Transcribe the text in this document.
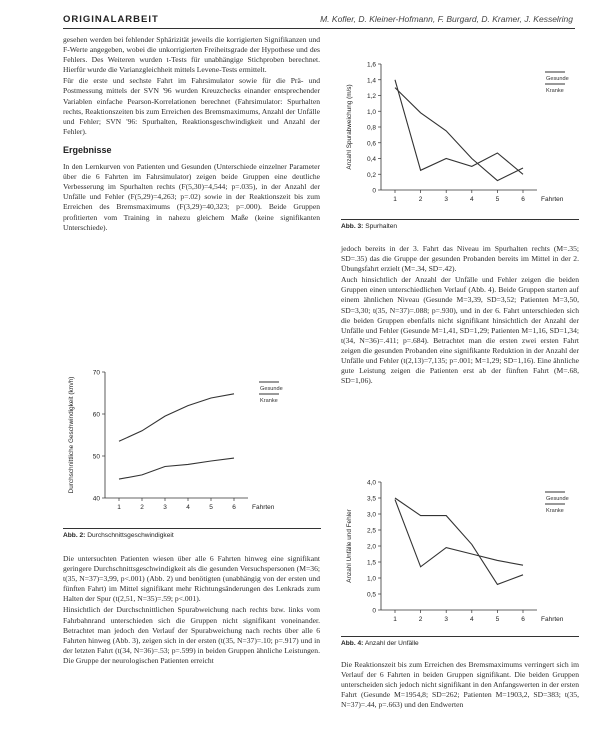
ORIGINALARBEIT	M. Kofler, D. Kleiner-Hofmann, F. Burgard, D. Kramer, J. Kesselring

gesehen werden bei fehlender Sphärizität jeweils die korrigierten Signifikanzen und F-Werte angegeben, wobei die unkorrigierten Freiheitsgrade der Hypothese und des Fehlers. Des Weiteren wurden t-Tests für unabhängige Stichproben berechnet. Hierfür wurde die Varianzgleichheit mittels Levene-Tests ermittelt.

Für die erste und sechste Fahrt im Fahrsimulator sowie für die Prä- und Postmessung mittels der SVN '96 wurden Kreuzchecks einander entsprechender Variablen einfache Pearson-Korrelationen berechnet (Fahrsimulator: Spurhalten rechts, Reaktionszeiten bis zum Erreichen des Bremsmaximums, Anzahl der Unfälle und Fehler; SVN '96: Spurhalten, Reaktionsgeschwindigkeit und Anzahl der Fehler).

Ergebnisse

In den Lernkurven von Patienten und Gesunden (Unterschiede einzelner Parameter über die 6 Fahrten im Fahrsimulator) zeigen beide Gruppen eine deutliche Verbesserung im Spurhalten rechts (F(5,30)=4,544; p=.035), in der Anzahl der Unfälle und Fehler (F(5,29)=4,263; p=.02) sowie in der Reaktionszeit bis zum Erreichen des Bremsmaximums (F(3,29)=40,323; p=.000). Beide Gruppen profitierten vom Training in nahezu gleichem Maße (keine signifikanten Unterschiede).

40
50
60
70
1	2	3	4	5	6 Fahrten
Durchschnittliche Geschwindigkeit (km/h)	Gesunde
Kranke
Abb. 2: Durchschnittsgeschwindigkeit

Die untersuchten Patienten wiesen über alle 6 Fahrten hinweg eine signifikant geringere Durchschnittsgeschwindigkeit als die gesunden Versuchspersonen (M=36; t(35, N=37)=3,99, p<.001) (Abb. 2) und benötigten (unabhängig von der ersten und fünften Fahrt) im Mittel signifikant mehr Richtungsänderungen des Lenkrads zum Halten der Spur (t(2,51, N=35)=.59; p<.001).

Hinsichtlich der Durchschnittlichen Spurabweichung nach rechts bzw. links vom Fahrbahnrand unterschieden sich die Gruppen nicht signifikant voneinander. Betrachtet man jedoch den Verlauf der Spurabweichung nach rechts über alle 6 Fahrten hinweg (Abb. 3), zeigen sich in der ersten (t(35, N=37)=.10; p=.917) und in der letzten Fahrt (t(34, N=36)=.53; p=.599) in beiden Gruppen ähnliche Leistungen. Die Gruppe der neurologischen Patienten erreicht

0
0,2
0,4
0,6
0,8
1,0
1,2
1,4
1,6
1	2	3	4	5	6 Fahrten
Anzahl Spurabweichung (m/s)
Gesunde
Kranke
Abb. 3: Spurhalten

jedoch bereits in der 3. Fahrt das Niveau im Spurhalten rechts (M=.35; SD=.35) das die Gruppe der gesunden Probanden bereits im Mittel in der 2. Übungsfahrt erzielt (M=.34, SD=.42).

Auch hinsichtlich der Anzahl der Unfälle und Fehler zeigen die beiden Gruppen einen unterschiedlichen Verlauf (Abb. 4). Beide Gruppen starten auf einem ähnlichen Niveau (Gesunde M=3,39, SD=3,52; Patienten M=3,50, SD=3,30; t(35, N=37)=.088; p=.930), und in der 6. Fahrt unterschieden sich die beiden Gruppen ebenfalls nicht signifikant hinsichtlich der Anzahl der Unfälle und Fehler (Gesunde M=1,41, SD=1,29; Patienten M=1,16, SD=1,34; t(34, N=36)=.411; p=.684). Betrachtet man die ersten zwei ersten Fahrt zeigen die gesunden Probanden eine signifikante Reduktion in der Anzahl der Unfälle und Fehler (t(2,13)=7,135; p=.001; M=1,29; SD=1,16). Eine ähnliche gute Leistung zeigen die Patienten erst ab der fünften Fahrt (M=.68, SD=1,06).

0
0,5
1,0
1,5
2,0
2,5
3,0
3,5
4,0
1	2	3	4	5	6 Fahrten
Anzahl Unfälle und Fehler
Gesunde
Kranke
Abb. 4: Anzahl der Unfälle

Die Reaktionszeit bis zum Erreichen des Bremsmaximums verringert sich im Verlauf der 6 Fahrten in beiden Gruppen signifikant. Die beiden Gruppen unterscheiden sich jedoch nicht signifikant in den Anfangswerten in der ersten Fahrt (Gesunde M=1954,8; SD=262; Patienten M=1903,2, SD=383; t(35, N=37)=.44, p=.663) und den Endwerten
